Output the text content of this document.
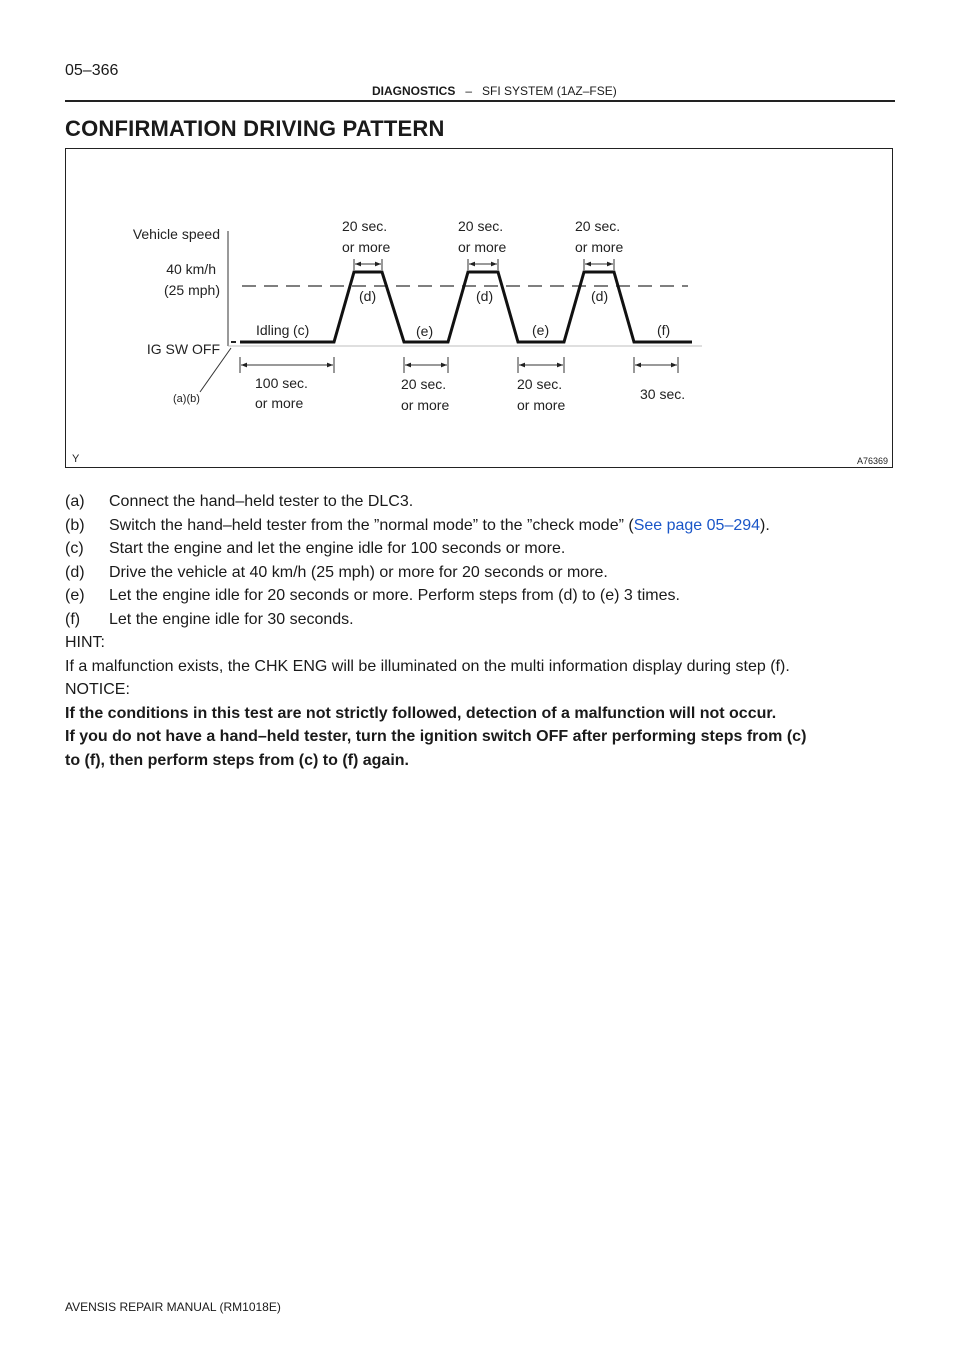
05–366
DIAGNOSTICS – SFI SYSTEM (1AZ–FSE)
CONFIRMATION DRIVING PATTERN
Vehicle speed
40 km/h
(25 mph)
IG SW OFF
(a)(b)
Idling (c)
(d)	(d)	(d)
(e)	(e)	(f)
20 sec.
or more
20 sec.
or more
20 sec.
or more
100 sec.
or more
20 sec.
or more
20 sec.
or more
30 sec.
Y	A76369
(a)	Connect the hand–held tester to the DLC3.
(b)	Switch the hand–held tester from the ”normal mode” to the ”check mode” (See page 05–294).
(c)	Start the engine and let the engine idle for 100 seconds or more.
(d)	Drive the vehicle at 40 km/h (25 mph) or more for 20 seconds or more.
(e)	Let the engine idle for 20 seconds or more. Perform steps from (d) to (e) 3 times.
(f)	Let the engine idle for 30 seconds.
HINT:
If a malfunction exists, the CHK ENG will be illuminated on the multi information display during step (f).
NOTICE:
If the conditions in this test are not strictly followed, detection of a malfunction will not occur.
If you do not have a hand–held tester, turn the ignition switch OFF after performing steps from (c)
to (f), then perform steps from (c) to (f) again.
AVENSIS REPAIR MANUAL (RM1018E)
